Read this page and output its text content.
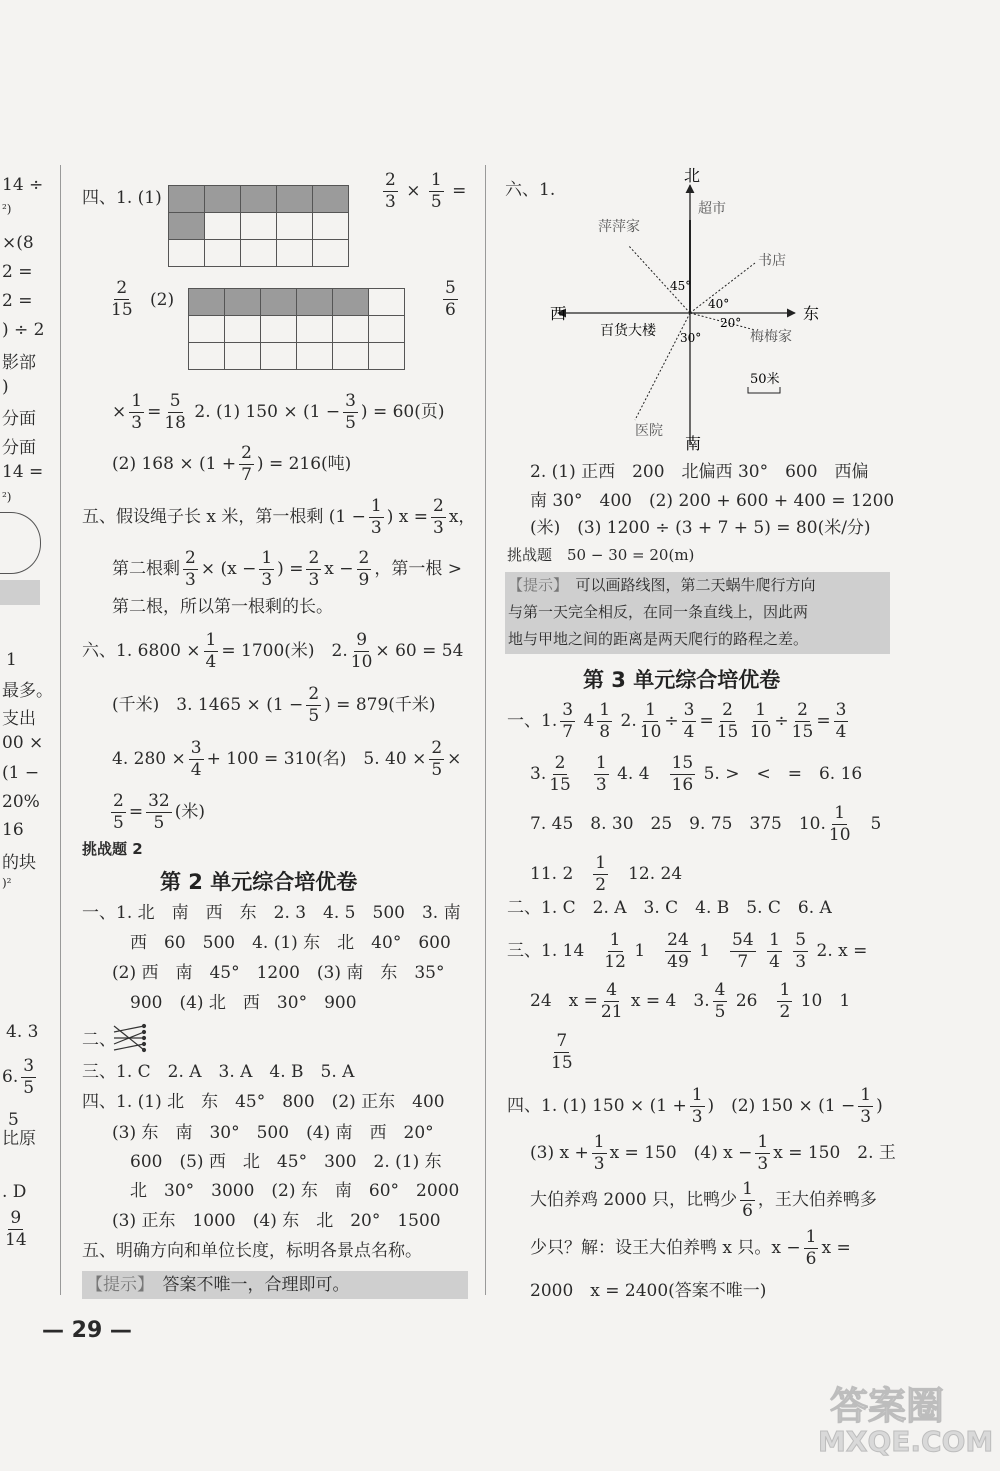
14 ÷
²)
×(8
2 =
2 =
) ÷ 2
影部
)
分面
分面
14 =
²)
1
最多。
支出
00 ×
(1 −
20%
16
的块
)²
4. 3
6. $\frac{3}{5}$
5
比原
. D
$\frac{9}{14}$
四、1. (1)

					$\frac{2}{3} \times \frac{1}{5}$ =
$\frac{2}{15} (2)$

						$\frac{5}{6}$
× $\frac{1}{3} = \frac{5}{18} 2$. (1) $150 \times (1 - \frac{3}{5}$ ) = 60(页)
(2) $168 \times (1 + \frac{2}{7}$ ) = 216(吨)
五、假设绳子长 x 米，第一根剩 ($1 - \frac{1}{3}$ ) $x = \frac{2}{3}$ x，
第二根剩 $\frac{2}{3} \times (x - \frac{1}{3}$ ) = $\frac{2}{3}$ $x - \frac{2}{9}$ ，第一根 >
第二根，所以第一根剩的长。
六、1. $6800 \times \frac{1}{4} = 1700$(米)　2. $\frac{9}{10} \times 60 = 54$
(千米)　3. $1465 \times (1 - \frac{2}{5}$ ) = 879(千米)
4. $280 \times \frac{3}{4} + 100 = 310$(名)　5. $40 \times \frac{2}{5}$ ×
$\frac{2}{5} = \frac{32}{5}$ (米)
挑战题 2
第 2 单元综合培优卷
一、1. 北　南　西　东　2. 3　4. 5　500　3. 南
西　60　500　4. (1) 东　北　40°　600
(2) 西　南　45°　1200　(3) 南　东　35°
900　(4) 北　西　30°　900
二、
三、1. C　2. A　3. A　4. B　5. A
四、1. (1) 北　东　45°　800　(2) 正东　400
(3) 东　南　30°　500　(4) 南　西　20°
600　(5) 西　北　45°　300　2. (1) 东
北　30°　3000　(2) 东　南　60°　2000
(3) 正东　1000　(4) 东　北　20°　1500
五、明确方向和单位长度，标明各景点名称。
【提示】　 答案不唯一，合理即可。
六、1.
北
西	东
南
百货大楼
萍萍家
超市
书店
梅梅家
医院
45°
40°
20°
30°
50米
2. (1) 正西　200　北偏西 30°　600　西偏
南 30°　400　(2) 200 + 600 + 400 = 1200
(米)　(3) 1200 ÷ (3 + 7 + 5) = 80(米/分)
挑战题　50 − 30 = 20(m)
【提示】　 可以画路线图，第二天蜗牛爬行方向
与第一天完全相反，在同一条直线上，因此两
地与甲地之间的距离是两天爬行的路程之差。
第 3 单元综合培优卷
一、1. $\frac{3}{7} 4 \frac{1}{8} 2$. $\frac{1}{10} \div \frac{3}{4} = \frac{2}{15}$
$\frac{1}{10} \div \frac{2}{15} = \frac{3}{4}$
3. $\frac{2}{15}$
　 $\frac{1}{3} 4$. 4　 $\frac{15}{16} 5$. >　<　=　6. 16
7. 45　8. 30　25　9. 75　375　10. $\frac{1}{10}$
　 5
11. 2　 $\frac{1}{2}$
　 12. 24
二、1. C　2. A　3. C　4. B　5. C　6. A
三、1. 14　 $\frac{1}{12} 1$　 $\frac{24}{49} 1$　 $\frac{54}{7}$
$\frac{1}{4}$
$\frac{5}{3} 2$. x =
24　$x = \frac{4}{21}$ x = 4　3. $\frac{4}{5} 26$　 $\frac{1}{2} 10$　1
$\frac{7}{15}$
四、1. (1) $150 \times (1 + \frac{1}{3}$ )　(2) $150 \times (1 - \frac{1}{3}$ )
(3) $x + \frac{1}{3}$ x = 150　(4) $x - \frac{1}{3}$ x = 150　2. 王
大伯养鸡 2000 只，比鸭少 $\frac{1}{6}$ ，王大伯养鸭多
少只？解：设王大伯养鸭 x 只。$x - \frac{1}{6}$ x =
2000　x = 2400(答案不唯一)
— 29 —
答案圈
MXQE.COM
